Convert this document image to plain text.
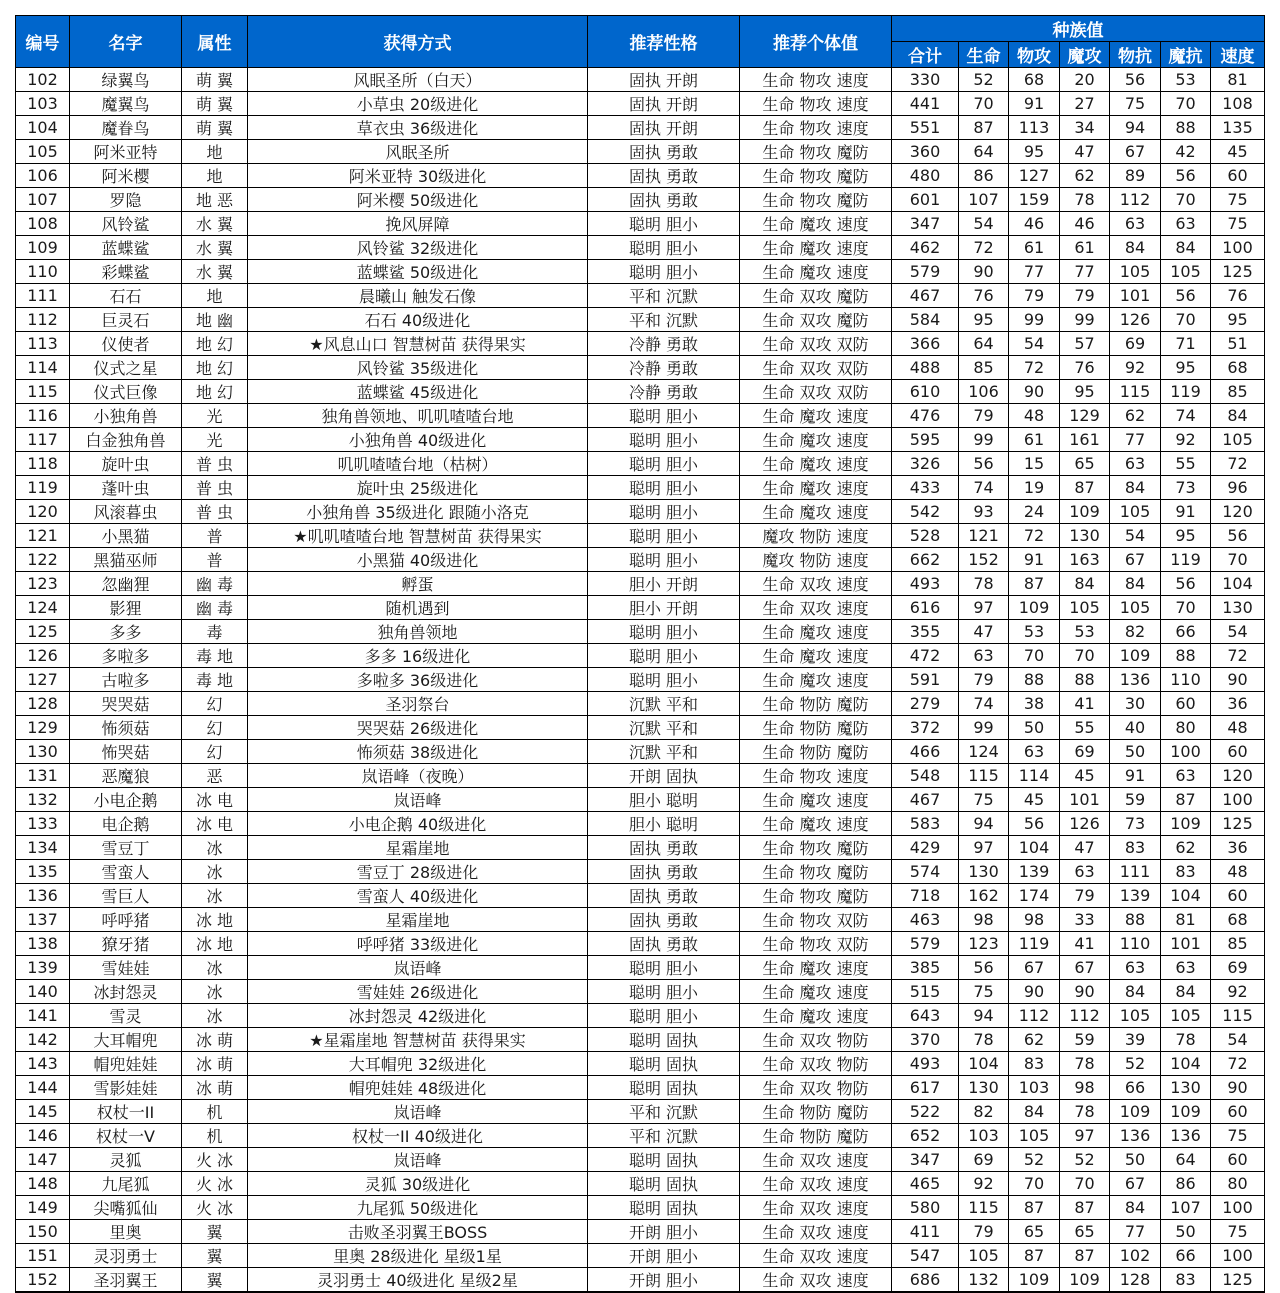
编号	名字	属性	获得方式	推荐性格	推荐个体值	种族值						
						合计	生命	物攻	魔攻	物抗	魔抗	速度
102	绿翼鸟	萌 翼	风眠圣所（白天）	固执 开朗	生命 物攻 速度	330	52	68	20	56	53	81
103	魔翼鸟	萌 翼	小草虫 20级进化	固执 开朗	生命 物攻 速度	441	70	91	27	75	70	108
104	魔眷鸟	萌 翼	草衣虫 36级进化	固执 开朗	生命 物攻 速度	551	87	113	34	94	88	135
105	阿米亚特	地	风眠圣所	固执 勇敢	生命 物攻 魔防	360	64	95	47	67	42	45
106	阿米樱	地	阿米亚特 30级进化	固执 勇敢	生命 物攻 魔防	480	86	127	62	89	56	60
107	罗隐	地 恶	阿米樱 50级进化	固执 勇敢	生命 物攻 魔防	601	107	159	78	112	70	75
108	风铃鲨	水 翼	挽风屏障	聪明 胆小	生命 魔攻 速度	347	54	46	46	63	63	75
109	蓝蝶鲨	水 翼	风铃鲨 32级进化	聪明 胆小	生命 魔攻 速度	462	72	61	61	84	84	100
110	彩蝶鲨	水 翼	蓝蝶鲨 50级进化	聪明 胆小	生命 魔攻 速度	579	90	77	77	105	105	125
111	石石	地	晨曦山 触发石像	平和 沉默	生命 双攻 魔防	467	76	79	79	101	56	76
112	巨灵石	地 幽	石石 40级进化	平和 沉默	生命 双攻 魔防	584	95	99	99	126	70	95
113	仪使者	地 幻	★风息山口 智慧树苗 获得果实	冷静 勇敢	生命 双攻 双防	366	64	54	57	69	71	51
114	仪式之星	地 幻	风铃鲨 35级进化	冷静 勇敢	生命 双攻 双防	488	85	72	76	92	95	68
115	仪式巨像	地 幻	蓝蝶鲨 45级进化	冷静 勇敢	生命 双攻 双防	610	106	90	95	115	119	85
116	小独角兽	光	独角兽领地、叽叽喳喳台地	聪明 胆小	生命 魔攻 速度	476	79	48	129	62	74	84
117	白金独角兽	光	小独角兽 40级进化	聪明 胆小	生命 魔攻 速度	595	99	61	161	77	92	105
118	旋叶虫	普 虫	叽叽喳喳台地（枯树）	聪明 胆小	生命 魔攻 速度	326	56	15	65	63	55	72
119	蓬叶虫	普 虫	旋叶虫 25级进化	聪明 胆小	生命 魔攻 速度	433	74	19	87	84	73	96
120	风滚暮虫	普 虫	小独角兽 35级进化 跟随小洛克	聪明 胆小	生命 魔攻 速度	542	93	24	109	105	91	120
121	小黑猫	普	★叽叽喳喳台地 智慧树苗 获得果实	聪明 胆小	魔攻 物防 速度	528	121	72	130	54	95	56
122	黑猫巫师	普	小黑猫 40级进化	聪明 胆小	魔攻 物防 速度	662	152	91	163	67	119	70
123	忽幽狸	幽 毒	孵蛋	胆小 开朗	生命 双攻 速度	493	78	87	84	84	56	104
124	影狸	幽 毒	随机遇到	胆小 开朗	生命 双攻 速度	616	97	109	105	105	70	130
125	多多	毒	独角兽领地	聪明 胆小	生命 魔攻 速度	355	47	53	53	82	66	54
126	多啦多	毒 地	多多 16级进化	聪明 胆小	生命 魔攻 速度	472	63	70	70	109	88	72
127	古啦多	毒 地	多啦多 36级进化	聪明 胆小	生命 魔攻 速度	591	79	88	88	136	110	90
128	哭哭菇	幻	圣羽祭台	沉默 平和	生命 物防 魔防	279	74	38	41	30	60	36
129	怖须菇	幻	哭哭菇 26级进化	沉默 平和	生命 物防 魔防	372	99	50	55	40	80	48
130	怖哭菇	幻	怖须菇 38级进化	沉默 平和	生命 物防 魔防	466	124	63	69	50	100	60
131	恶魔狼	恶	岚语峰（夜晚）	开朗 固执	生命 物攻 速度	548	115	114	45	91	63	120
132	小电企鹅	冰 电	岚语峰	胆小 聪明	生命 魔攻 速度	467	75	45	101	59	87	100
133	电企鹅	冰 电	小电企鹅 40级进化	胆小 聪明	生命 魔攻 速度	583	94	56	126	73	109	125
134	雪豆丁	冰	星霜崖地	固执 勇敢	生命 物攻 魔防	429	97	104	47	83	62	36
135	雪蛮人	冰	雪豆丁 28级进化	固执 勇敢	生命 物攻 魔防	574	130	139	63	111	83	48
136	雪巨人	冰	雪蛮人 40级进化	固执 勇敢	生命 物攻 魔防	718	162	174	79	139	104	60
137	呼呼猪	冰 地	星霜崖地	固执 勇敢	生命 物攻 双防	463	98	98	33	88	81	68
138	獠牙猪	冰 地	呼呼猪 33级进化	固执 勇敢	生命 物攻 双防	579	123	119	41	110	101	85
139	雪娃娃	冰	岚语峰	聪明 胆小	生命 魔攻 速度	385	56	67	67	63	63	69
140	冰封怨灵	冰	雪娃娃 26级进化	聪明 胆小	生命 魔攻 速度	515	75	90	90	84	84	92
141	雪灵	冰	冰封怨灵 42级进化	聪明 胆小	生命 魔攻 速度	643	94	112	112	105	105	115
142	大耳帽兜	冰 萌	★星霜崖地 智慧树苗 获得果实	聪明 固执	生命 双攻 物防	370	78	62	59	39	78	54
143	帽兜娃娃	冰 萌	大耳帽兜 32级进化	聪明 固执	生命 双攻 物防	493	104	83	78	52	104	72
144	雪影娃娃	冰 萌	帽兜娃娃 48级进化	聪明 固执	生命 双攻 物防	617	130	103	98	66	130	90
145	权杖一II	机	岚语峰	平和 沉默	生命 物防 魔防	522	82	84	78	109	109	60
146	权杖一V	机	权杖一II 40级进化	平和 沉默	生命 物防 魔防	652	103	105	97	136	136	75
147	灵狐	火 冰	岚语峰	聪明 固执	生命 双攻 速度	347	69	52	52	50	64	60
148	九尾狐	火 冰	灵狐 30级进化	聪明 固执	生命 双攻 速度	465	92	70	70	67	86	80
149	尖嘴狐仙	火 冰	九尾狐 50级进化	聪明 固执	生命 双攻 速度	580	115	87	87	84	107	100
150	里奥	翼	击败圣羽翼王BOSS	开朗 胆小	生命 双攻 速度	411	79	65	65	77	50	75
151	灵羽勇士	翼	里奥 28级进化 星级1星	开朗 胆小	生命 双攻 速度	547	105	87	87	102	66	100
152	圣羽翼王	翼	灵羽勇士 40级进化 星级2星	开朗 胆小	生命 双攻 速度	686	132	109	109	128	83	125
